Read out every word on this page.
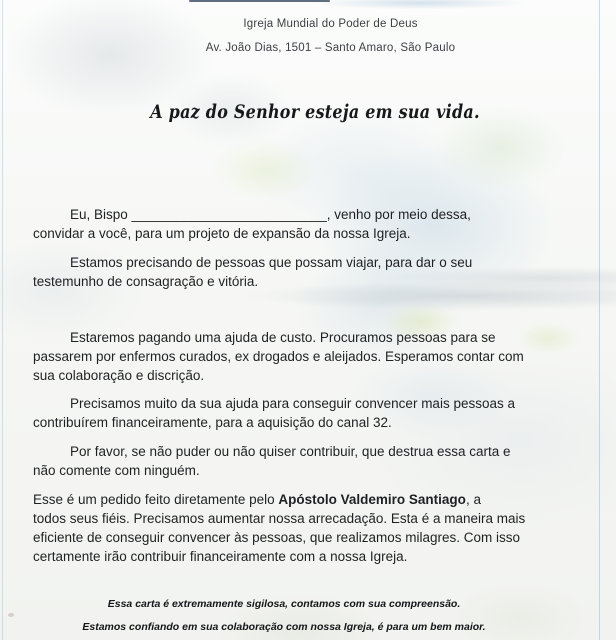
Igreja Mundial do Poder de Deus
Av. João Dias, 1501 – Santo Amaro, São Paulo
A paz do Senhor esteja em sua vida.
Eu, Bispo __________________________, venho por meio dessa,
convidar a você, para um projeto de expansão da nossa Igreja.
Estamos precisando de pessoas que possam viajar, para dar o seu
testemunho de consagração e vitória.
Estaremos pagando uma ajuda de custo. Procuramos pessoas para se
passarem por enfermos curados, ex drogados e aleijados. Esperamos contar com
sua colaboração e discrição.
Precisamos muito da sua ajuda para conseguir convencer mais pessoas a
contribuírem financeiramente, para a aquisição do canal 32.
Por favor, se não puder ou não quiser contribuir, que destrua essa carta e
não comente com ninguém.
Esse é um pedido feito diretamente pelo Apóstolo Valdemiro Santiago, a
todos seus fiéis. Precisamos aumentar nossa arrecadação. Esta é a maneira mais
eficiente de conseguir convencer às pessoas, que realizamos milagres. Com isso
certamente irão contribuir financeiramente com a nossa Igreja.
Essa carta é extremamente sigilosa, contamos com sua compreensão.
Estamos confiando em sua colaboração com nossa Igreja, é para um bem maior.
